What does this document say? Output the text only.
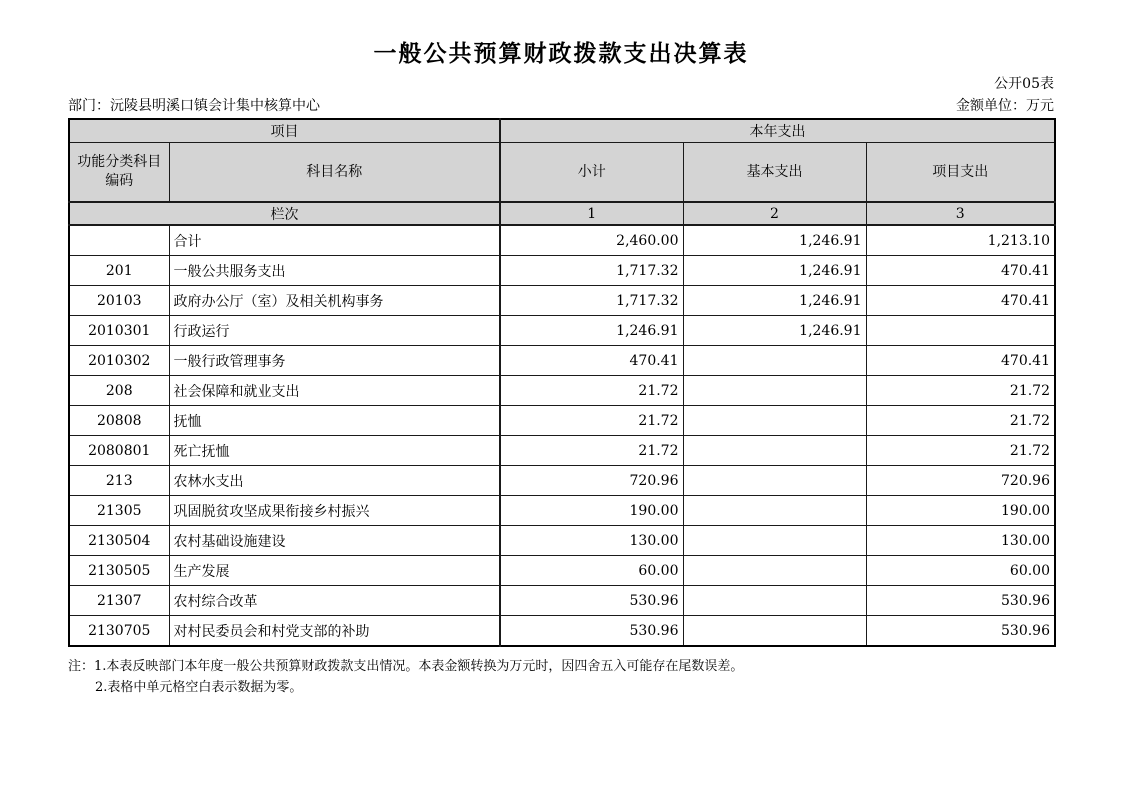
一般公共预算财政拨款支出决算表
公开05表
部门：沅陵县明溪口镇会计集中核算中心	金额单位：万元
项目		本年支出		
功能分类科目编码	科目名称	小计	基本支出	项目支出
栏次		1	2	3
	合计	2,460.00	1,246.91	1,213.10
201	一般公共服务支出	1,717.32	1,246.91	470.41
20103	政府办公厅（室）及相关机构事务	1,717.32	1,246.91	470.41
2010301	行政运行	1,246.91	1,246.91	
2010302	一般行政管理事务	470.41		470.41
208	社会保障和就业支出	21.72		21.72
20808	抚恤	21.72		21.72
2080801	死亡抚恤	21.72		21.72
213	农林水支出	720.96		720.96
21305	巩固脱贫攻坚成果衔接乡村振兴	190.00		190.00
2130504	农村基础设施建设	130.00		130.00
2130505	生产发展	60.00		60.00
21307	农村综合改革	530.96		530.96
2130705	对村民委员会和村党支部的补助	530.96		530.96
注：1.本表反映部门本年度一般公共预算财政拨款支出情况。本表金额转换为万元时，因四舍五入可能存在尾数误差。
2.表格中单元格空白表示数据为零。
